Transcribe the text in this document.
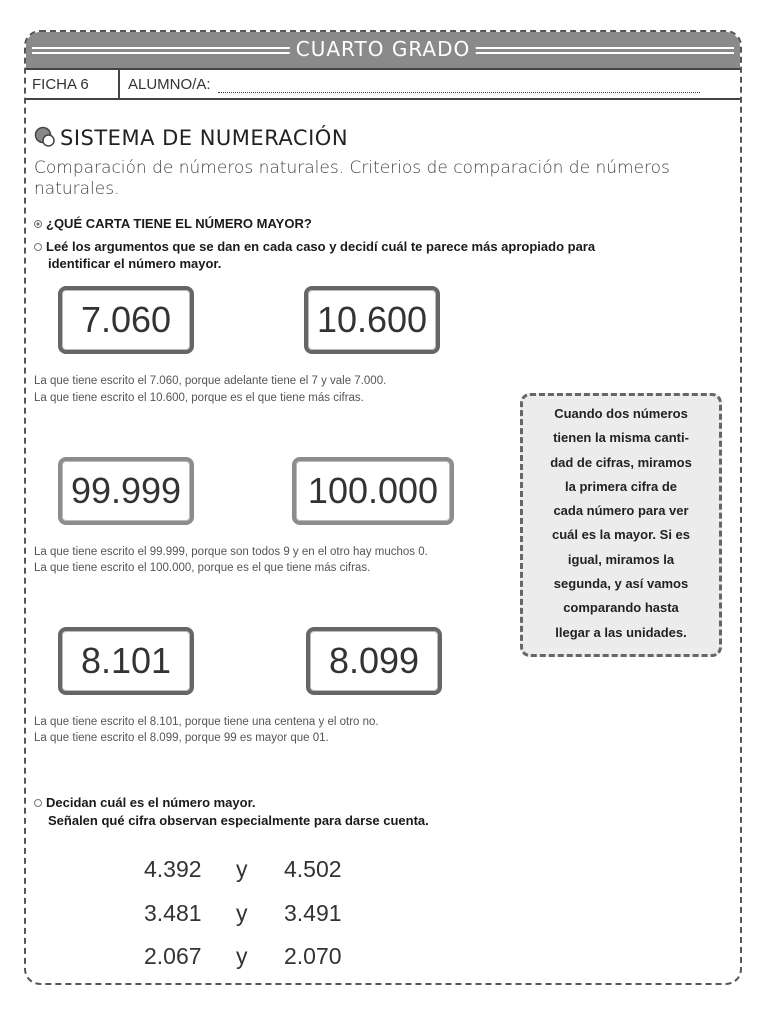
CUARTO GRADO
FICHA 6	ALUMNO/A:
SISTEMA DE NUMERACIÓN
Comparación de números naturales. Criterios de comparación de números naturales.
¿QUÉ CARTA TIENE EL NÚMERO MAYOR?
Leé los argumentos que se dan en cada caso y decidí cuál te parece más apropiado para
identificar el número mayor.
7.060	10.600
La que tiene escrito el 7.060, porque adelante tiene el 7 y vale 7.000.
La que tiene escrito el 10.600, porque es el que tiene más cifras.
99.999	100.000
La que tiene escrito el 99.999, porque son todos 9 y en el otro hay muchos 0.
La que tiene escrito el 100.000, porque es el que tiene más cifras.
8.101	8.099
La que tiene escrito el 8.101, porque tiene una centena y el otro no.
La que tiene escrito el 8.099, porque 99 es mayor que 01.
Cuando dos números
tienen la misma canti-
dad de cifras, miramos
la primera cifra de
cada número para ver
cuál es la mayor. Si es
igual, miramos la
segunda, y así vamos
comparando hasta
llegar a las unidades.
Decidan cuál es el número mayor.
Señalen qué cifra observan especialmente para darse cuenta.
4.392 y 4.502
3.481 y 3.491
2.067 y 2.070
